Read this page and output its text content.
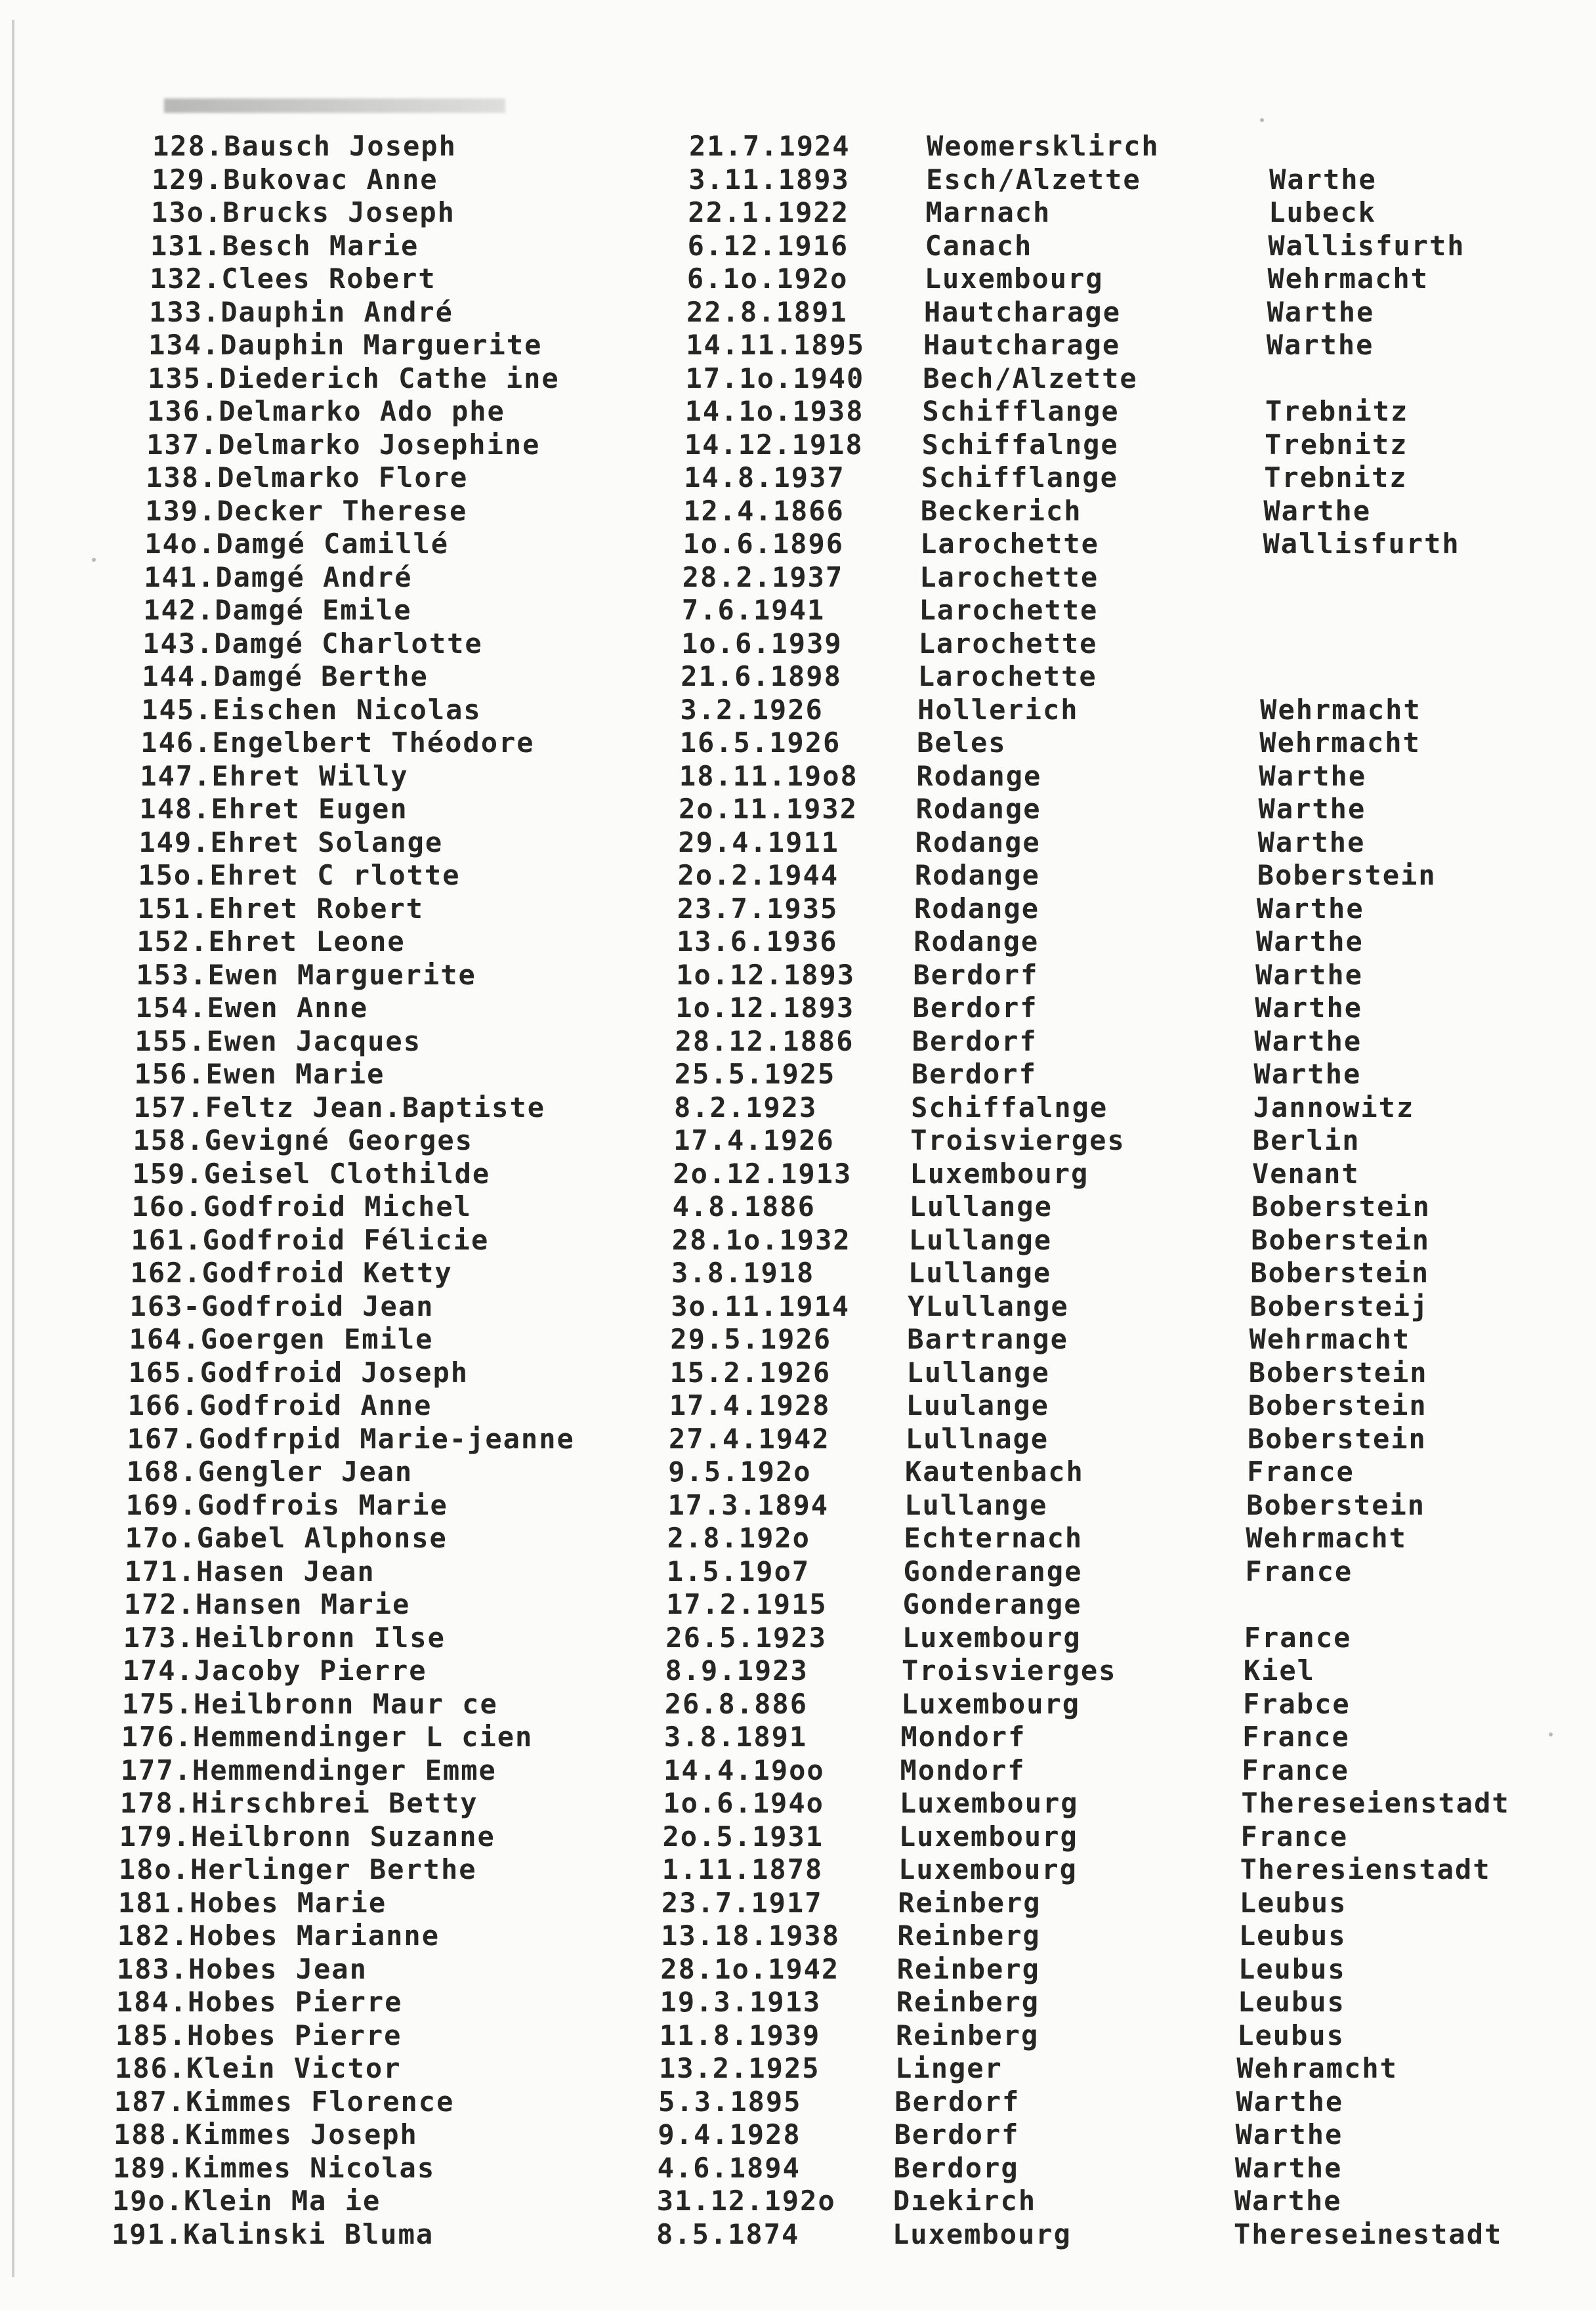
128.Bausch Joseph	21.7.1924	Weomersklirch
129.Bukovac Anne	3.11.1893	Esch/Alzette	Warthe
13o.Brucks Joseph	22.1.1922	Marnach	Lubeck
131.Besch Marie	6.12.1916	Canach	Wallisfurth
132.Clees Robert	6.1o.192o	Luxembourg	Wehrmacht
133.Dauphin André	22.8.1891	Hautcharage	Warthe
134.Dauphin Marguerite	14.11.1895 Hautcharage	Warthe
135.Diederich Cathe ine	17.1o.1940 Bech/Alzette
136.Delmarko Ado phe	14.1o.1938 Schifflange	Trebnitz
137.Delmarko Josephine	14.12.1918 Schiffalnge	Trebnitz
138.Delmarko Flore	14.8.1937	Schifflange	Trebnitz
139.Decker Therese	12.4.1866	Beckerich	Warthe
14o.Damgé Camillé	1o.6.1896	Larochette	Wallisfurth
141.Damgé André	28.2.1937	Larochette
142.Damgé Emile	7.6.1941	Larochette
143.Damgé Charlotte	1o.6.1939	Larochette
144.Damgé Berthe	21.6.1898	Larochette
145.Eischen Nicolas	3.2.1926	Hollerich	Wehrmacht
146.Engelbert Théodore	16.5.1926	Beles	Wehrmacht
147.Ehret Willy	18.11.19o8 Rodange	Warthe
148.Ehret Eugen	2o.11.1932 Rodange	Warthe
149.Ehret Solange	29.4.1911	Rodange	Warthe
15o.Ehret C rlotte	2o.2.1944	Rodange	Boberstein
151.Ehret Robert	23.7.1935	Rodange	Warthe
152.Ehret Leone	13.6.1936	Rodange	Warthe
153.Ewen Marguerite	1o.12.1893 Berdorf	Warthe
154.Ewen Anne	1o.12.1893 Berdorf	Warthe
155.Ewen Jacques	28.12.1886 Berdorf	Warthe
156.Ewen Marie	25.5.1925	Berdorf	Warthe
157.Feltz Jean.Baptiste	8.2.1923	Schiffalnge	Jannowitz
158.Gevigné Georges	17.4.1926	Troisvierges	Berlin
159.Geisel Clothilde	2o.12.1913 Luxembourg	Venant
16o.Godfroid Michel	4.8.1886	Lullange	Boberstein
161.Godfroid Félicie	28.1o.1932 Lullange	Boberstein
162.Godfroid Ketty	3.8.1918	Lullange	Boberstein
163-Godfroid Jean	3o.11.1914 YLullange	Bobersteij
164.Goergen Emile	29.5.1926	Bartrange	Wehrmacht
165.Godfroid Joseph	15.2.1926	Lullange	Boberstein
166.Godfroid Anne	17.4.1928	Luulange	Boberstein
167.Godfrpid Marie-jeanne	27.4.1942	Lullnage	Boberstein
168.Gengler Jean	9.5.192o	Kautenbach	France
169.Godfrois Marie	17.3.1894	Lullange	Boberstein
17o.Gabel Alphonse	2.8.192o	Echternach	Wehrmacht
171.Hasen Jean	1.5.19o7	Gonderange	France
172.Hansen Marie	17.2.1915	Gonderange
173.Heilbronn Ilse	26.5.1923	Luxembourg	France
174.Jacoby Pierre	8.9.1923	Troisvierges	Kiel
175.Heilbronn Maur ce	26.8.886	Luxembourg	Frabce
176.Hemmendinger L cien	3.8.1891	Mondorf	France
177.Hemmendinger Emme	14.4.19oo	Mondorf	France
178.Hirschbrei Betty	1o.6.194o	Luxembourg	Thereseienstadt
179.Heilbronn Suzanne	2o.5.1931	Luxembourg	France
18o.Herlinger Berthe	1.11.1878	Luxembourg	Theresienstadt
181.Hobes Marie	23.7.1917	Reinberg	Leubus
182.Hobes Marianne	13.18.1938 Reinberg	Leubus
183.Hobes Jean	28.1o.1942 Reinberg	Leubus
184.Hobes Pierre	19.3.1913	Reinberg	Leubus
185.Hobes Pierre	11.8.1939	Reinberg	Leubus
186.Klein Victor	13.2.1925	Linger	Wehramcht
187.Kimmes Florence	5.3.1895	Berdorf	Warthe
188.Kimmes Joseph	9.4.1928	Berdorf	Warthe
189.Kimmes Nicolas	4.6.1894	Berdorg	Warthe
19o.Klein Ma ie	31.12.192o Dıekirch	Warthe
191.Kalinski Bluma	8.5.1874	Luxembourg	Thereseinestadt
